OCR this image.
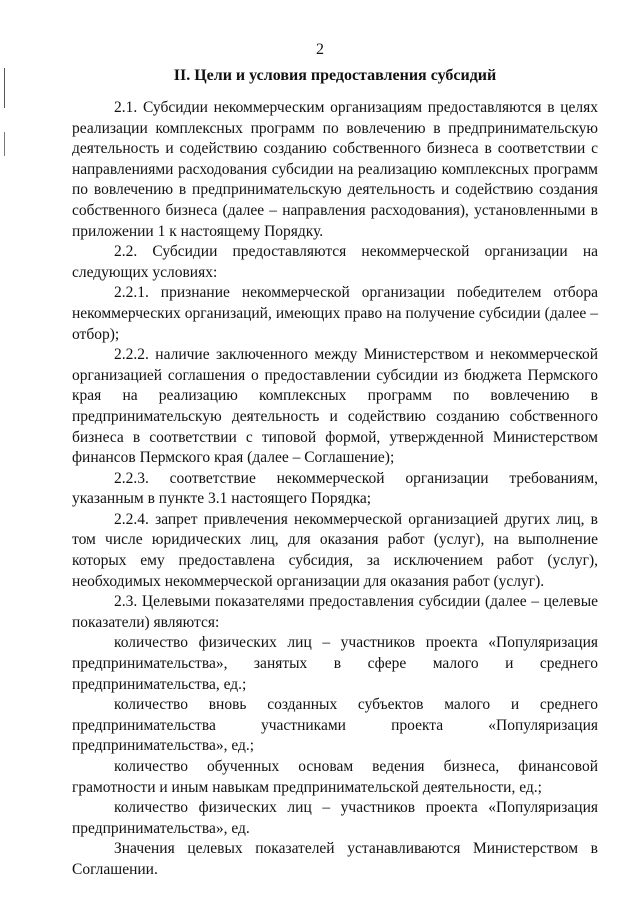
2
II. Цели и условия предоставления субсидий

2.1. Субсидии некоммерческим организациям предоставляются в целях реализации комплексных программ по вовлечению в предпринимательскую деятельность и содействию созданию собственного бизнеса в соответствии с направлениями расходования субсидии на реализацию комплексных программ по вовлечению в предпринимательскую деятельность и содействию создания собственного бизнеса (далее – направления расходования), установленными в приложении 1 к настоящему Порядку.

2.2. Субсидии предоставляются некоммерческой организации на следующих условиях:

2.2.1. признание некоммерческой организации победителем отбора некоммерческих организаций, имеющих право на получение субсидии (далее – отбор);

2.2.2. наличие заключенного между Министерством и некоммерческой организацией соглашения о предоставлении субсидии из бюджета Пермского края на реализацию комплексных программ по вовлечению в предпринимательскую деятельность и содействию созданию собственного бизнеса в соответствии с типовой формой, утвержденной Министерством финансов Пермского края (далее – Соглашение);

2.2.3. соответствие некоммерческой организации требованиям, указанным в пункте 3.1 настоящего Порядка;

2.2.4. запрет привлечения некоммерческой организацией других лиц, в том числе юридических лиц, для оказания работ (услуг), на выполнение которых ему предоставлена субсидия, за исключением работ (услуг), необходимых некоммерческой организации для оказания работ (услуг).

2.3. Целевыми показателями предоставления субсидии (далее – целевые показатели) являются:

количество физических лиц – участников проекта «Популяризация предпринимательства», занятых в сфере малого и среднего предпринимательства, ед.;

количество вновь созданных субъектов малого и среднего предпринимательства участниками проекта «Популяризация предпринимательства», ед.;

количество обученных основам ведения бизнеса, финансовой грамотности и иным навыкам предпринимательской деятельности, ед.;

количество физических лиц – участников проекта «Популяризация предпринимательства», ед.

Значения целевых показателей устанавливаются Министерством в Соглашении.
